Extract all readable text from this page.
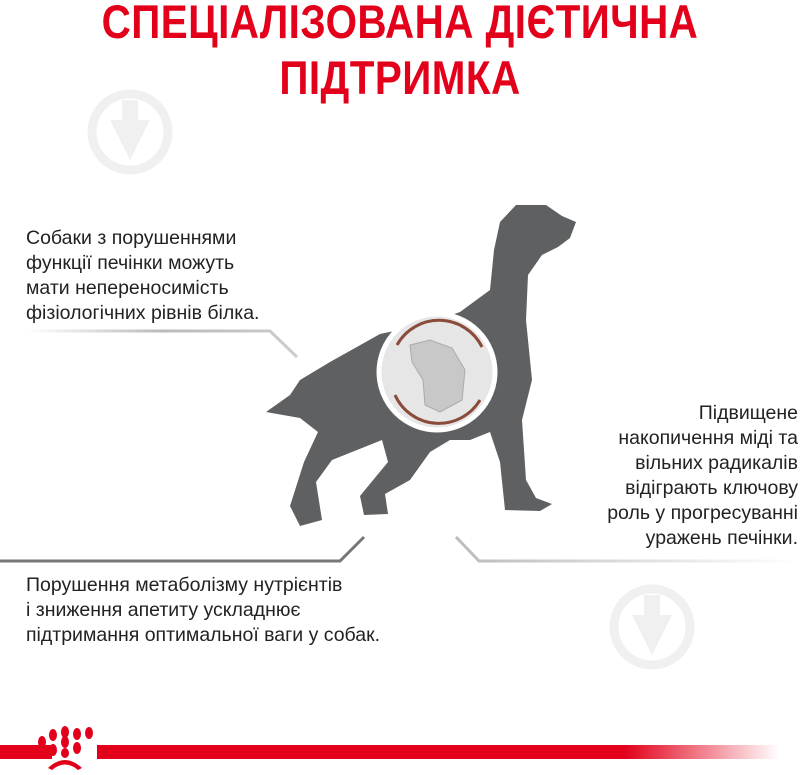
СПЕЦІАЛІЗОВАНА ДІЄТИЧНА
ПІДТРИМКА
Собаки з порушеннями
функції печінки можуть
мати непереносимість
фізіологічних рівнів білка.
Підвищене
накопичення міді та
вільних радикалів
відіграють ключову
роль у прогресуванні
уражень печінки.
Порушення метаболізму нутрієнтів
і зниження апетиту ускладнює
підтримання оптимальної ваги у собак.
